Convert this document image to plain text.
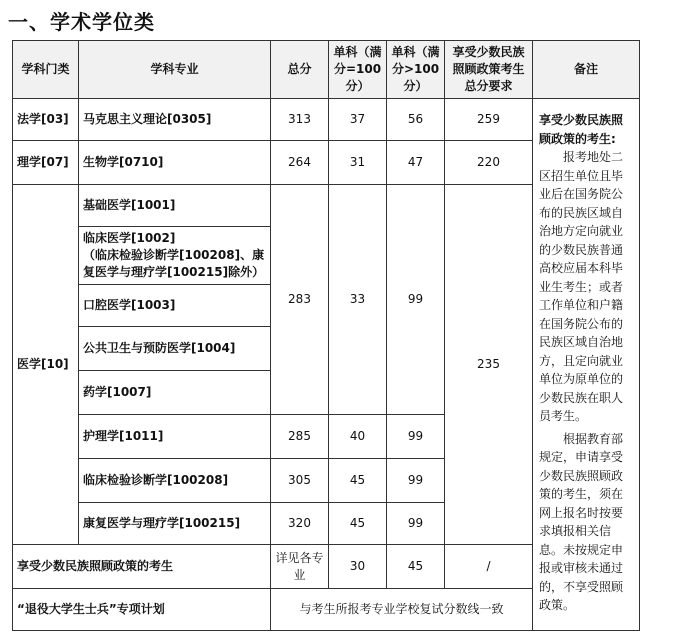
一、学术学位类
学科门类	学科专业	总分	单科（满分=100分）	单科（满分>100分）	享受少数民族照顾政策考生总分要求	备注
法学[03]	马克思主义理论[0305]	313	37	56	259	享受少数民族照顾政策的考生:
报考地处二区招生单位且毕业后在国务院公布的民族区域自治地方定向就业的少数民族普通高校应届本科毕业生考生；或者工作单位和户籍在国务院公布的民族区域自治地方，且定向就业单位为原单位的少数民族在职人员考生。
根据教育部规定，申请享受少数民族照顾政策的考生，须在网上报名时按要求填报相关信息。未按规定申报或审核未通过的，不享受照顾政策。

理学[07]	生物学[0710]	264	31	47	220	
医学[10]	基础医学[1001]	283	33	99	235	
	临床医学[1002]
（临床检验诊断学[100208]、康复医学与理疗学[100215]除外）					
	口腔医学[1003]					
	公共卫生与预防医学[1004]					
	药学[1007]					
	护理学[1011]	285	40	99		
	临床检验诊断学[100208]	305	45	99		
	康复医学与理疗学[100215]	320	45	99		
享受少数民族照顾政策的考生		详见各专业	30	45	/	
“退役大学生士兵”专项计划		与考生所报考专业学校复试分数线一致				
